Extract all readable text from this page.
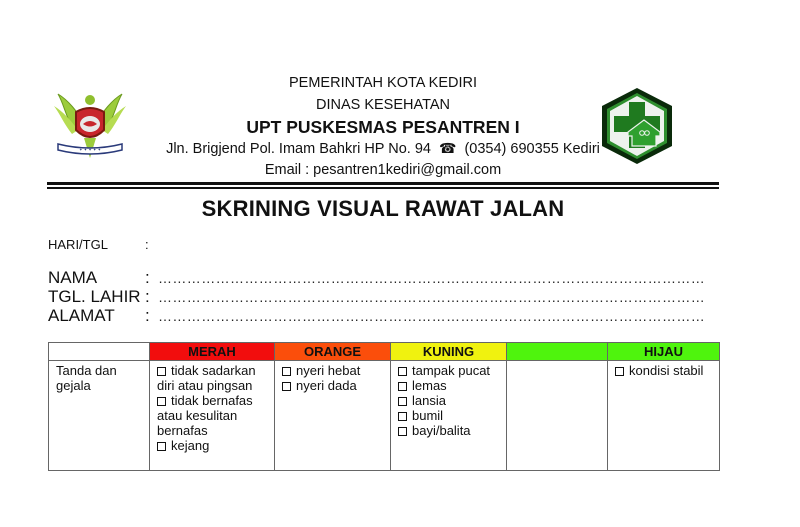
✦ ✦ ✦ ✦ ✦
PEMERINTAH KOTA KEDIRI
DINAS KESEHATAN
UPT PUSKESMAS PESANTREN I
Jln. Brigjend Pol. Imam Bahkri HP No. 94 ☎ (0354) 690355 Kediri
Email : pesantren1kediri@gmail.com
SKRINING VISUAL RAWAT JALAN
HARI/TGL	:
NAMA	: ……………………………………………………………………………………………………
TGL. LAHIR : ……………………………………………………………………………………………………
ALAMAT : ……………………………………………………………………………………………………
	MERAH	ORANGE	KUNING		HIJAU
Tanda dan gejala	tidak sadarkan diri atau pingsan
tidak bernafas atau kesulitan bernafas
kejang	nyeri hebat
nyeri dada	tampak pucat
lemas
lansia
bumil
bayi/balita		kondisi stabil
